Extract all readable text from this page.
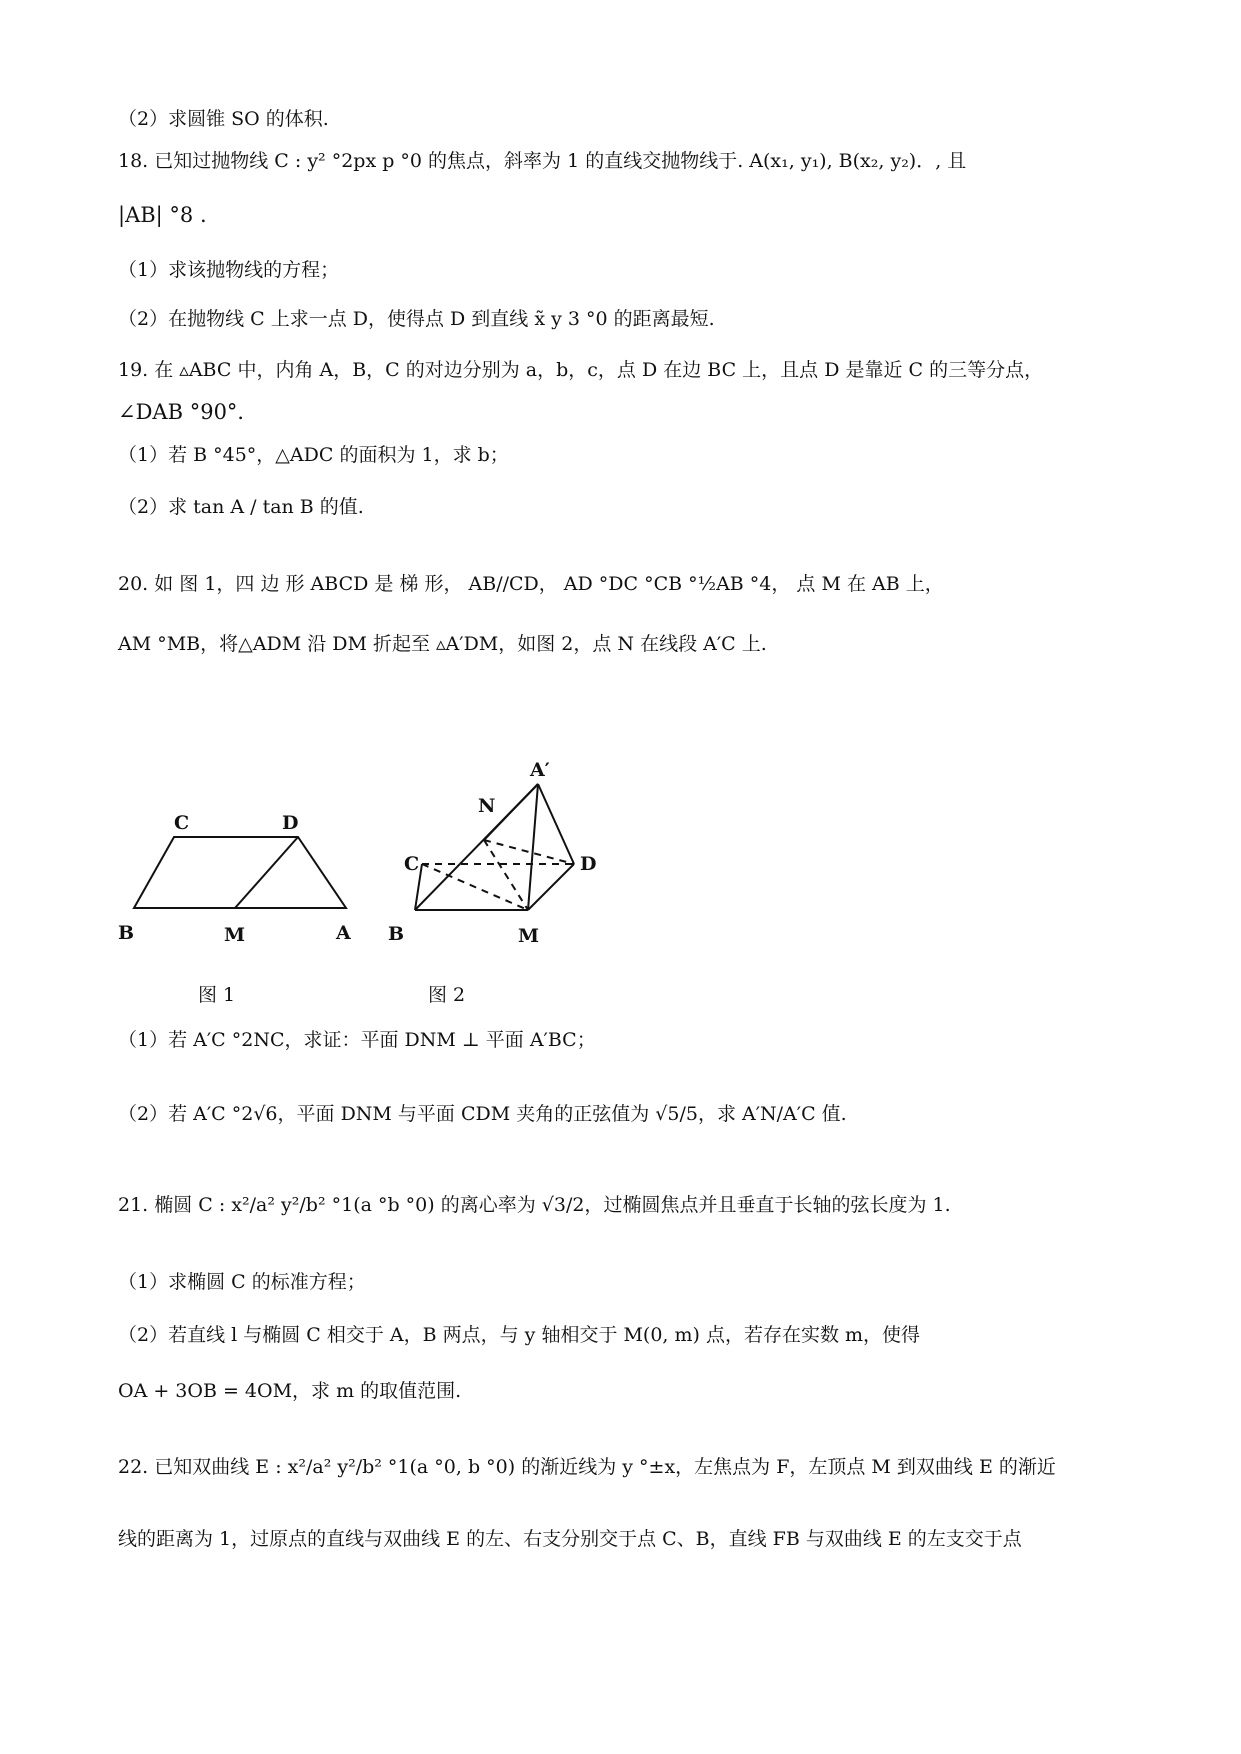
（2）求圆锥 SO 的体积.
18. 已知过抛物线 C : y² °2px p °0 的焦点，斜率为 1 的直线交抛物线于. A(x₁, y₁), B(x₂, y₂)．, 且
|AB| °8 .
（1）求该抛物线的方程；
（2）在抛物线 C 上求一点 D，使得点 D 到直线 x̃ y 3 °0 的距离最短.
19. 在 ▵ABC 中，内角 A，B，C 的对边分别为 a，b，c，点 D 在边 BC 上，且点 D 是靠近 C 的三等分点，
∠DAB °90°．
（1）若 B °45°，△ADC 的面积为 1，求 b；
（2）求 tan A / tan B 的值.
20. 如 图 1，四 边 形 ABCD 是 梯 形， AB//CD， AD °DC °CB °½AB °4， 点 M 在 AB 上，
AM °MB，将△ADM 沿 DM 折起至 ▵A′DM，如图 2，点 N 在线段 A′C 上.
C	D
B	M	A
图 1
A′
N
C	D
B	M
图 2
（1）若 A′C °2NC，求证：平面 DNM ⊥ 平面 A′BC；
（2）若 A′C °2√6，平面 DNM 与平面 CDM 夹角的正弦值为 √5/5，求 A′N/A′C 值.
21. 椭圆 C : x²/a² y²/b² °1(a °b °0) 的离心率为 √3/2，过椭圆焦点并且垂直于长轴的弦长度为 1.
（1）求椭圆 C 的标准方程；
（2）若直线 l 与椭圆 C 相交于 A，B 两点，与 y 轴相交于 M(0, m) 点，若存在实数 m，使得
OA + 3OB = 4OM，求 m 的取值范围.
22. 已知双曲线 E : x²/a² y²/b² °1(a °0, b °0) 的渐近线为 y °±x，左焦点为 F，左顶点 M 到双曲线 E 的渐近
线的距离为 1，过原点的直线与双曲线 E 的左、右支分别交于点 C、B，直线 FB 与双曲线 E 的左支交于点
